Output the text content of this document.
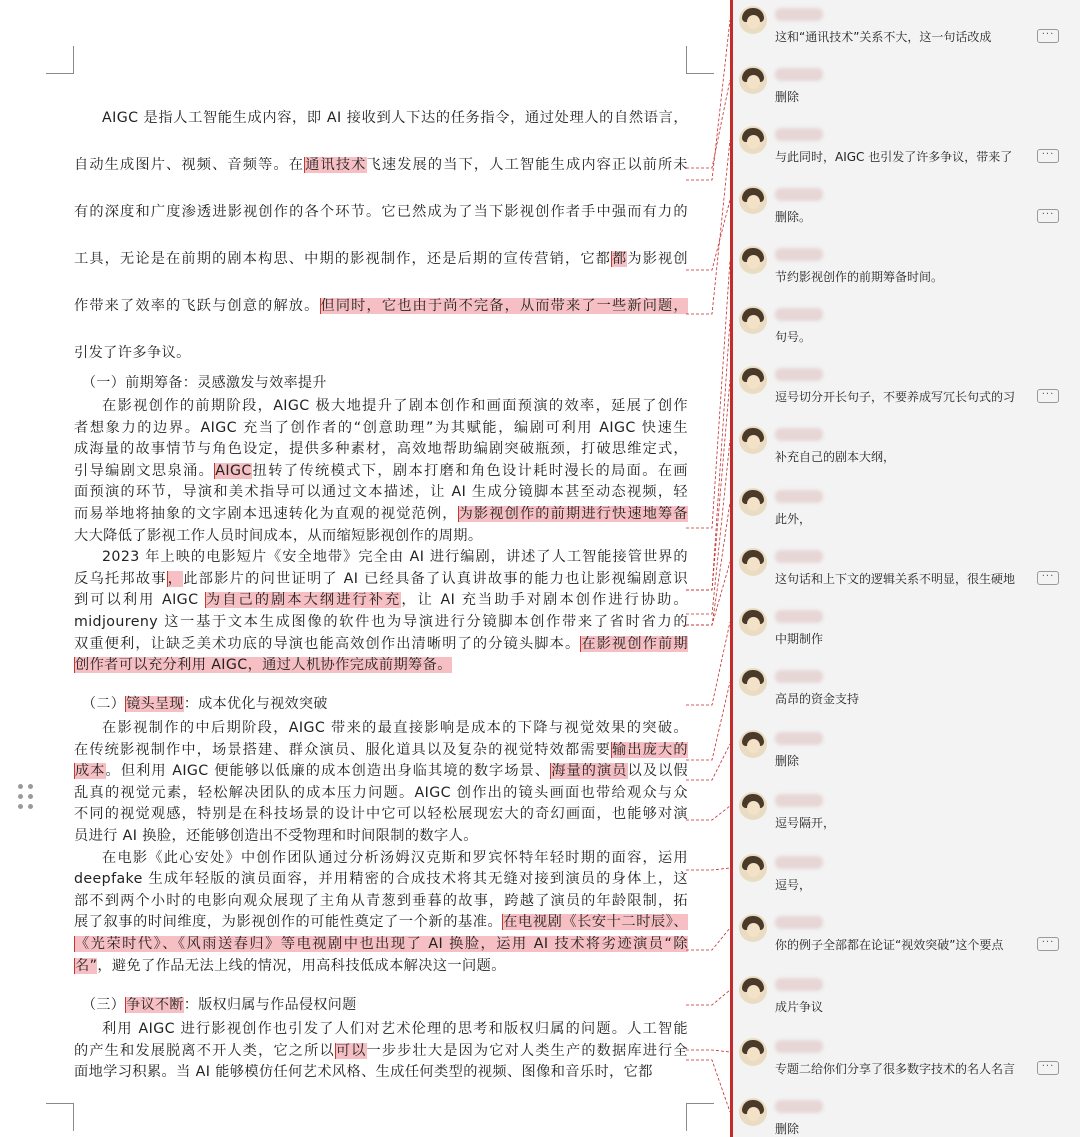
AIGC 是指人工智能生成内容，即 AI 接收到人下达的任务指令，通过处理人的自然语言，
自动生成图片、视频、音频等。在通讯技术飞速发展的当下，人工智能生成内容正以前所未
有的深度和广度渗透进影视创作的各个环节。它已然成为了当下影视创作者手中强而有力的
工具，无论是在前期的剧本构思、中期的影视制作，还是后期的宣传营销，它都都为影视创
作带来了效率的飞跃与创意的解放。但同时，它也由于尚不完备，从而带来了一些新问题，
引发了许多争议。
（一）前期筹备：灵感激发与效率提升
在影视创作的前期阶段，AIGC 极大地提升了剧本创作和画面预演的效率，延展了创作
者想象力的边界。AIGC 充当了创作者的“创意助理”为其赋能，编剧可利用 AIGC 快速生
成海量的故事情节与角色设定，提供多种素材，高效地帮助编剧突破瓶颈，打破思维定式，
引导编剧文思泉涌。AIGC扭转了传统模式下，剧本打磨和角色设计耗时漫长的局面。在画
面预演的环节，导演和美术指导可以通过文本描述，让 AI 生成分镜脚本甚至动态视频，轻
而易举地将抽象的文字剧本迅速转化为直观的视觉范例，为影视创作的前期进行快速地筹备
大大降低了影视工作人员时间成本，从而缩短影视创作的周期。
2023 年上映的电影短片《安全地带》完全由 AI 进行编剧，讲述了人工智能接管世界的
反乌托邦故事，此部影片的问世证明了 AI 已经具备了认真讲故事的能力也让影视编剧意识
到可以利用 AIGC 为自己的剧本大纲进行补充，让 AI 充当助手对剧本创作进行协助。
midjoureny 这一基于文本生成图像的软件也为导演进行分镜脚本创作带来了省时省力的
双重便利，让缺乏美术功底的导演也能高效创作出清晰明了的分镜头脚本。在影视创作前期
创作者可以充分利用 AIGC，通过人机协作完成前期筹备。
（二）镜头呈现：成本优化与视效突破
在影视制作的中后期阶段，AIGC 带来的最直接影响是成本的下降与视觉效果的突破。
在传统影视制作中，场景搭建、群众演员、服化道具以及复杂的视觉特效都需要输出庞大的
成本。但利用 AIGC 便能够以低廉的成本创造出身临其境的数字场景、海量的演员以及以假
乱真的视觉元素，轻松解决团队的成本压力问题。AIGC 创作出的镜头画面也带给观众与众
不同的视觉观感，特别是在科技场景的设计中它可以轻松展现宏大的奇幻画面，也能够对演
员进行 AI 换脸，还能够创造出不受物理和时间限制的数字人。
在电影《此心安处》中创作团队通过分析汤姆汉克斯和罗宾怀特年轻时期的面容，运用
deepfake 生成年轻版的演员面容，并用精密的合成技术将其无缝对接到演员的身体上，这
部不到两个小时的电影向观众展现了主角从青葱到垂暮的故事，跨越了演员的年龄限制，拓
展了叙事的时间维度，为影视创作的可能性奠定了一个新的基准。在电视剧《长安十二时辰》、
《光荣时代》、《风雨送春归》等电视剧中也出现了 AI 换脸，运用 AI 技术将劣迹演员“除
名”，避免了作品无法上线的情况，用高科技低成本解决这一问题。
（三）争议不断：版权归属与作品侵权问题
利用 AIGC 进行影视创作也引发了人们对艺术伦理的思考和版权归属的问题。人工智能
的产生和发展脱离不开人类，它之所以可以一步步壮大是因为它对人类生产的数据库进行全
面地学习积累。当 AI 能够模仿任何艺术风格、生成任何类型的视频、图像和音乐时，它都
这和“通讯技术”关系不大，这一句话改成	···
删除
与此同时，AIGC 也引发了许多争议，带来了	···
删除。	···
节约影视创作的前期筹备时间。
句号。
逗号切分开长句子，不要养成写冗长句式的习	···
补充自己的剧本大纲，
此外，
这句话和上下文的逻辑关系不明显，很生硬地	···
中期制作
高昂的资金支持
删除
逗号隔开，
逗号，
你的例子全部都在论证“视效突破”这个要点	···
成片争议
专题二给你们分享了很多数字技术的名人名言	···
删除
